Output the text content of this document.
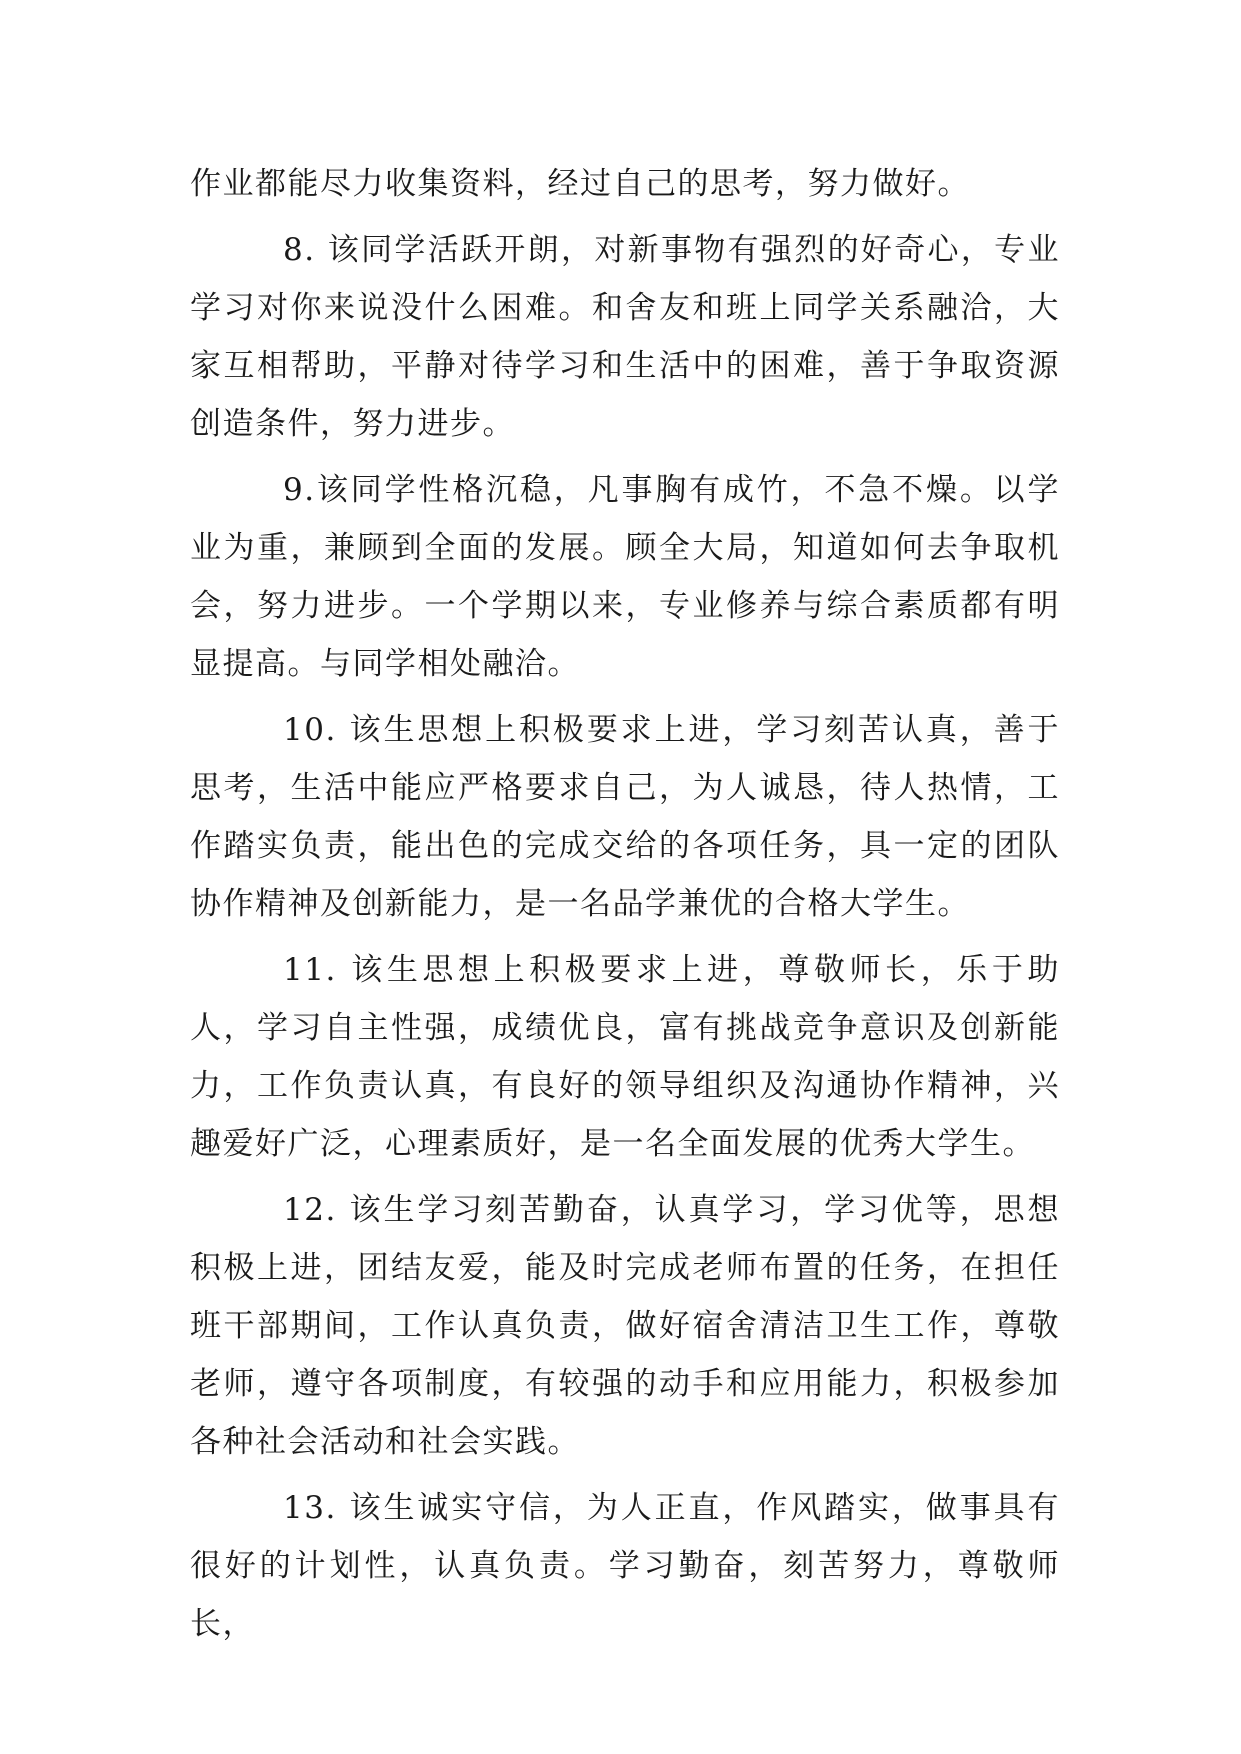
作业都能尽力收集资料，经过自己的思考，努力做好。

8. 该同学活跃开朗，对新事物有强烈的好奇心，专业学习对你来说没什么困难。和舍友和班上同学关系融洽，大家互相帮助，平静对待学习和生活中的困难，善于争取资源创造条件，努力进步。

9.该同学性格沉稳，凡事胸有成竹，不急不燥。以学业为重，兼顾到全面的发展。顾全大局，知道如何去争取机会，努力进步。一个学期以来，专业修养与综合素质都有明显提高。与同学相处融洽。

10. 该生思想上积极要求上进，学习刻苦认真，善于思考，生活中能应严格要求自己，为人诚恳，待人热情，工作踏实负责，能出色的完成交给的各项任务，具一定的团队协作精神及创新能力，是一名品学兼优的合格大学生。

11. 该生思想上积极要求上进，尊敬师长，乐于助人，学习自主性强，成绩优良，富有挑战竞争意识及创新能力，工作负责认真，有良好的领导组织及沟通协作精神，兴趣爱好广泛，心理素质好，是一名全面发展的优秀大学生。

12. 该生学习刻苦勤奋，认真学习，学习优等，思想积极上进，团结友爱，能及时完成老师布置的任务，在担任班干部期间，工作认真负责，做好宿舍清洁卫生工作，尊敬老师，遵守各项制度，有较强的动手和应用能力，积极参加各种社会活动和社会实践。

13. 该生诚实守信，为人正直，作风踏实，做事具有很好的计划性，认真负责。学习勤奋，刻苦努力，尊敬师长，
